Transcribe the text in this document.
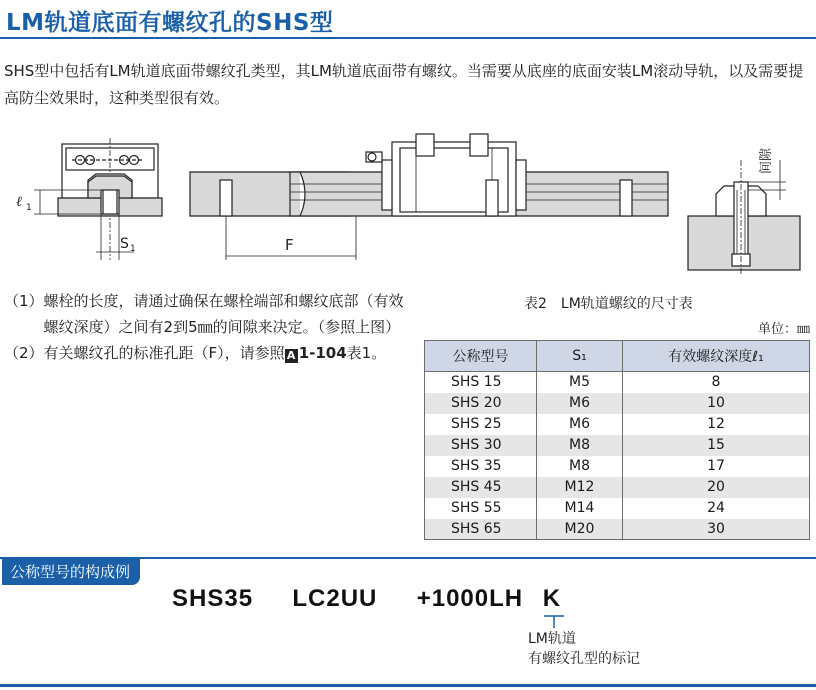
LM轨道底面有螺纹孔的SHS型
SHS型中包括有LM轨道底面带螺纹孔类型，其LM轨道底面带有螺纹。当需要从底座的底面安装LM滚动导轨，以及需要提高防尘效果时，这种类型很有效。
ℓ 1
S 1	F
间隙
（1） 螺栓的长度，请通过确保在螺栓端部和螺纹底部（有效螺纹深度）之间有2到5㎜的间隙来决定。（参照上图）
（2） 有关螺纹孔的标准孔距（F），请参照 A 1-104表1。
表2　LM轨道螺纹的尺寸表
单位：㎜
公称型号	S₁	有效螺纹深度ℓ₁
SHS 15	M5	8
SHS 20	M6	10
SHS 25	M6	12
SHS 30	M8	15
SHS 35	M8	17
SHS 45	M12	20
SHS 55	M14	24
SHS 65	M20	30
公称型号的构成例
SHS35  LC2UU  +1000LH K
LM轨道
有螺纹孔型的标记
